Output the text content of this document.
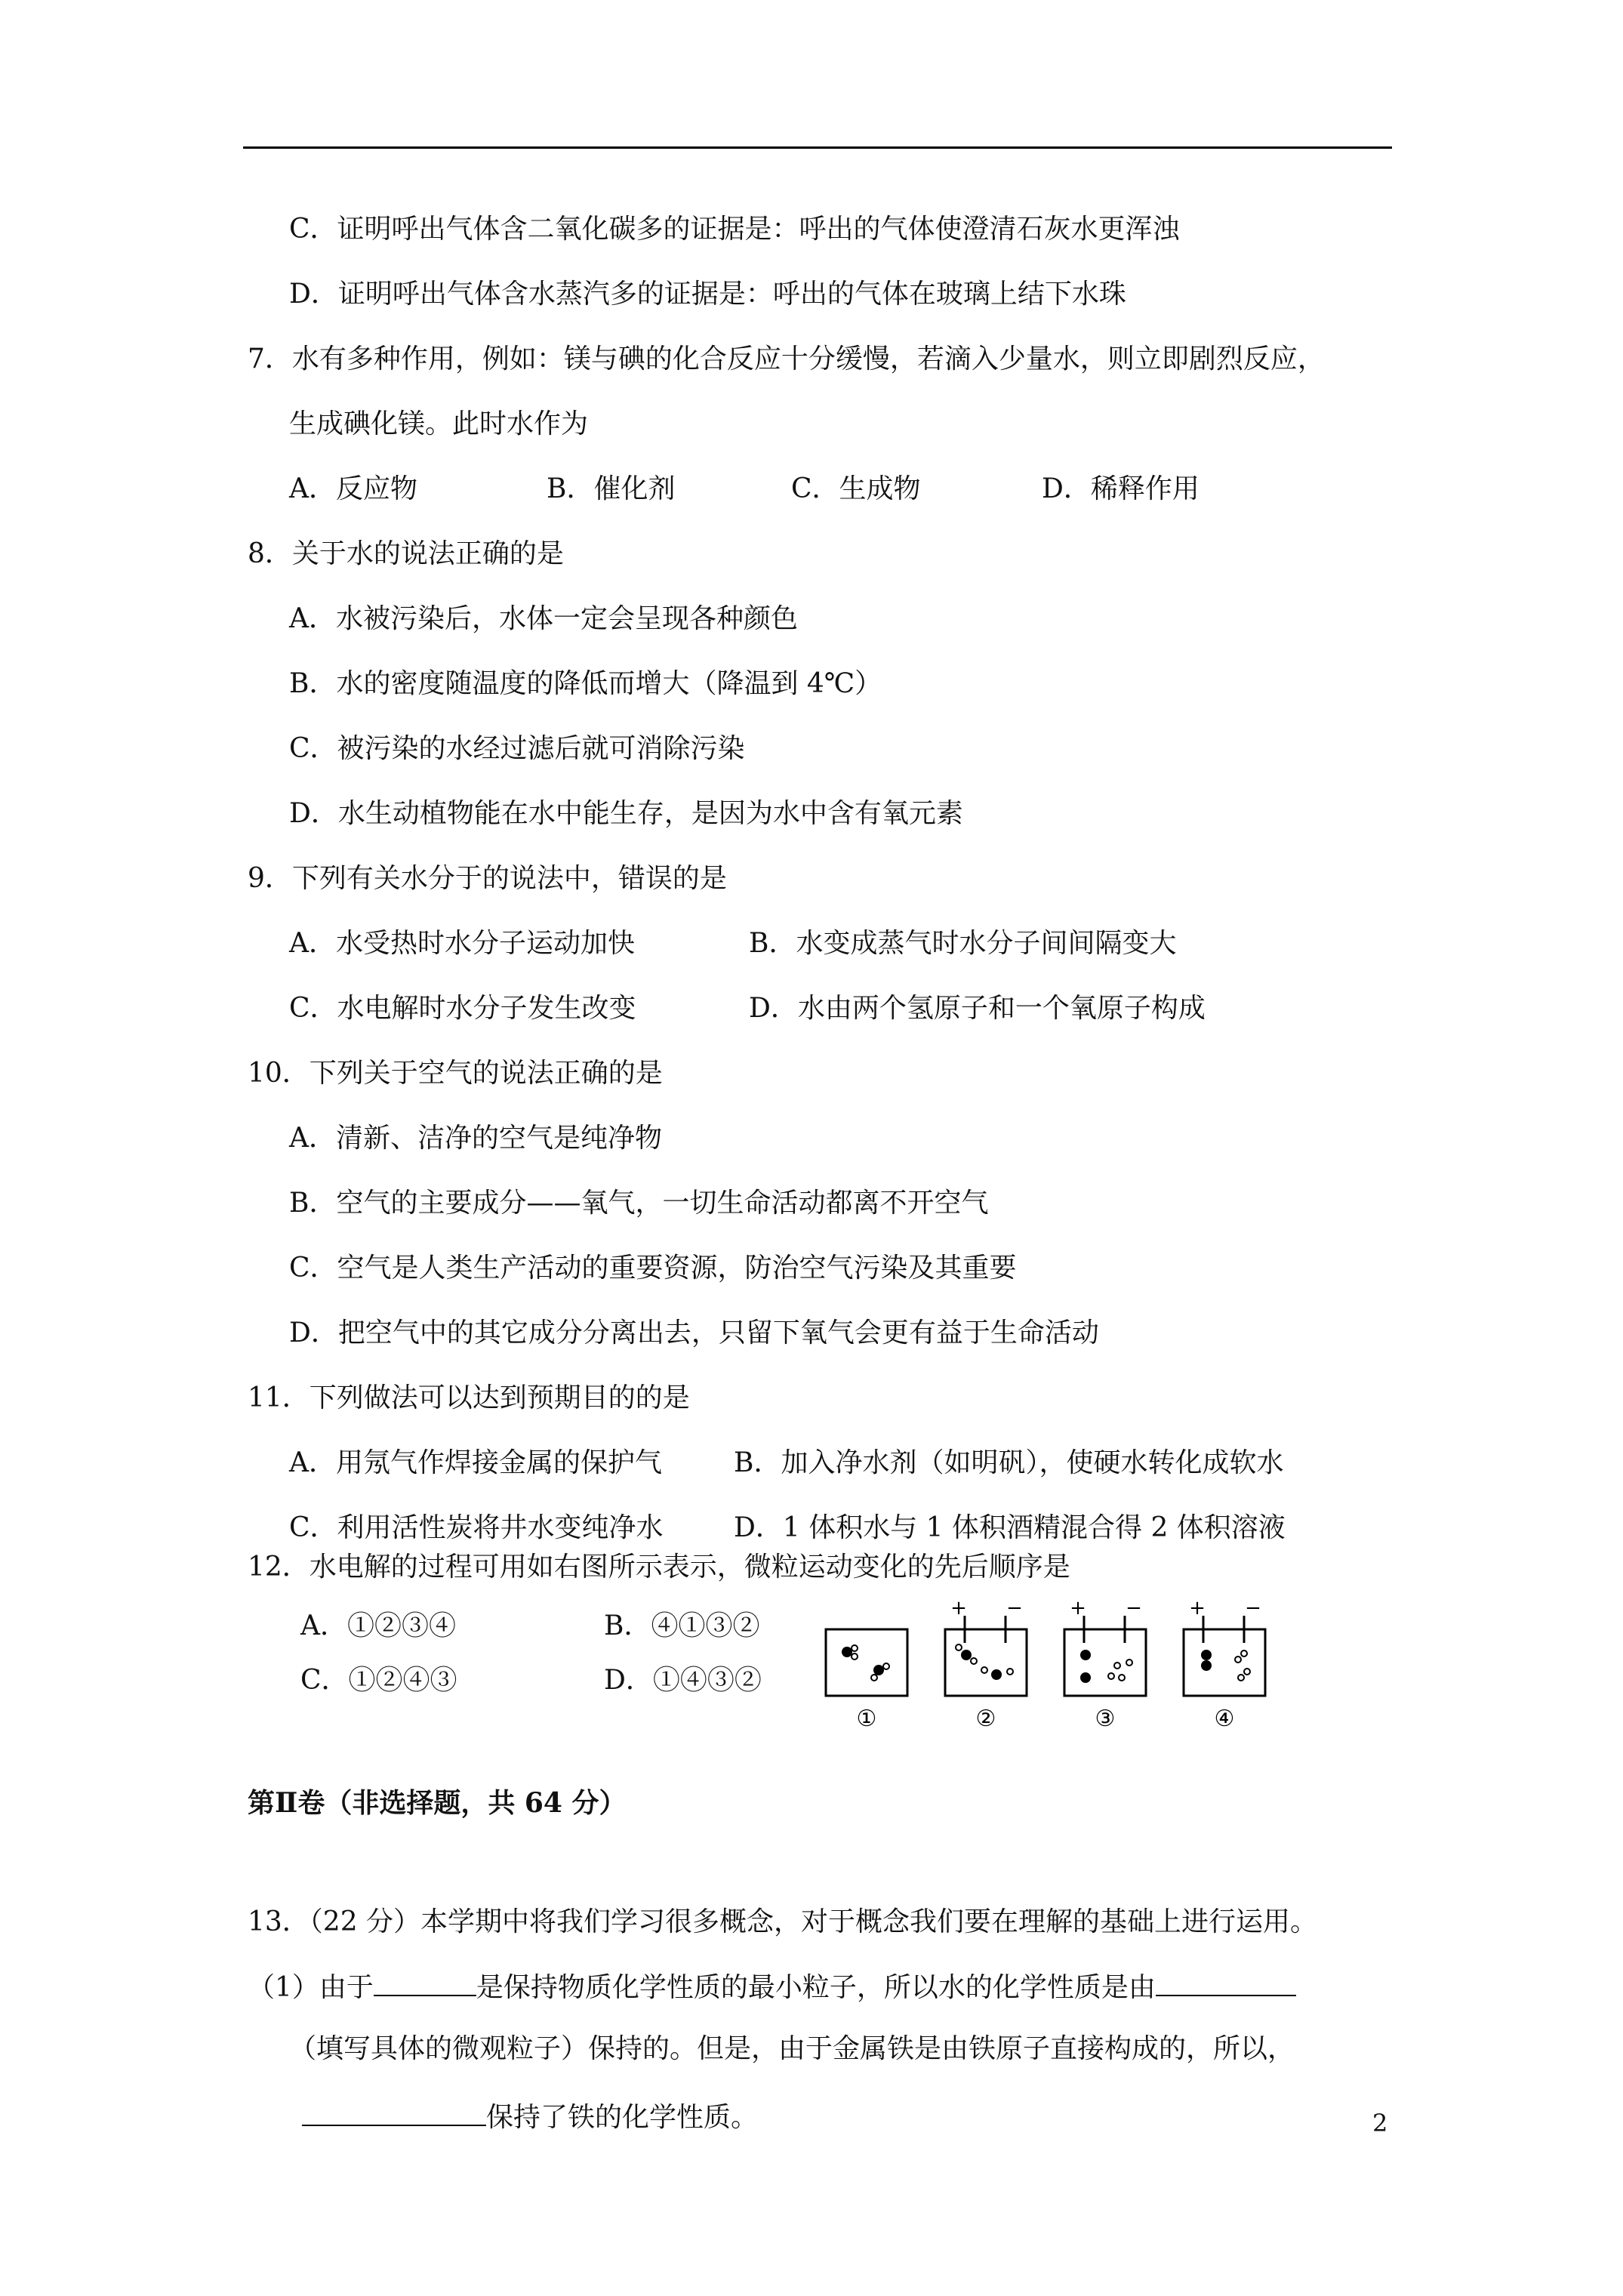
C．证明呼出气体含二氧化碳多的证据是：呼出的气体使澄清石灰水更浑浊
D．证明呼出气体含水蒸汽多的证据是：呼出的气体在玻璃上结下水珠
7．水有多种作用，例如：镁与碘的化合反应十分缓慢，若滴入少量水，则立即剧烈反应，
生成碘化镁。此时水作为
A．反应物	B．催化剂	C．生成物	D．稀释作用
8．关于水的说法正确的是
A．水被污染后，水体一定会呈现各种颜色
B．水的密度随温度的降低而增大（降温到 4℃）
C．被污染的水经过滤后就可消除污染
D．水生动植物能在水中能生存，是因为水中含有氧元素
9．下列有关水分于的说法中，错误的是
A．水受热时水分子运动加快	B．水变成蒸气时水分子间间隔变大
C．水电解时水分子发生改变	D．水由两个氢原子和一个氧原子构成
10．下列关于空气的说法正确的是
A．清新、洁净的空气是纯净物
B．空气的主要成分——氧气，一切生命活动都离不开空气
C．空气是人类生产活动的重要资源，防治空气污染及其重要
D．把空气中的其它成分分离出去，只留下氧气会更有益于生命活动
11．下列做法可以达到预期目的的是
A．用氖气作焊接金属的保护气	B．加入净水剂（如明矾），使硬水转化成软水
C．利用活性炭将井水变纯净水	D．1 体积水与 1 体积酒精混合得 2 体积溶液
12．水电解的过程可用如右图所示表示，微粒运动变化的先后顺序是
A．①②③④	B．④①③②
C．①②④③	D．①④③②
①
+ −
②
+ −
③
+ −
④
第Ⅱ卷（非选择题，共 64 分）
13．（22 分）本学期中将我们学习很多概念，对于概念我们要在理解的基础上进行运用。
（1）由于	是保持物质化学性质的最小粒子，所以水的化学性质是由
（填写具体的微观粒子）保持的。但是，由于金属铁是由铁原子直接构成的，所以，
保持了铁的化学性质。	2
